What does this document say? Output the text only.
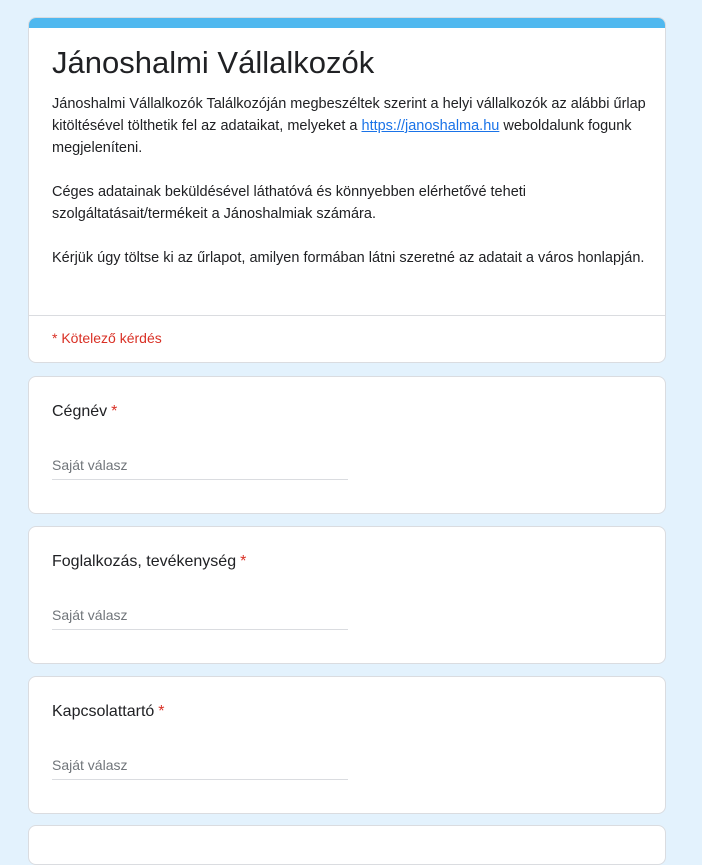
Jánoshalmi Vállalkozók

Jánoshalmi Vállalkozók Találkozóján megbeszéltek szerint a helyi vállalkozók az alábbi űrlap kitöltésével tölthetik fel az adataikat, melyeket a https://janoshalma.hu weboldalunk fogunk megjeleníteni.

Céges adatainak beküldésével láthatóvá és könnyebben elérhetővé teheti szolgáltatásait/termékeit a Jánoshalmiak számára.

Kérjük úgy töltse ki az űrlapot, amilyen formában látni szeretné az adatait a város honlapján.

* Kötelező kérdés
Cégnév *
Saját válasz
Foglalkozás, tevékenység *
Saját válasz
Kapcsolattartó *
Saját válasz
